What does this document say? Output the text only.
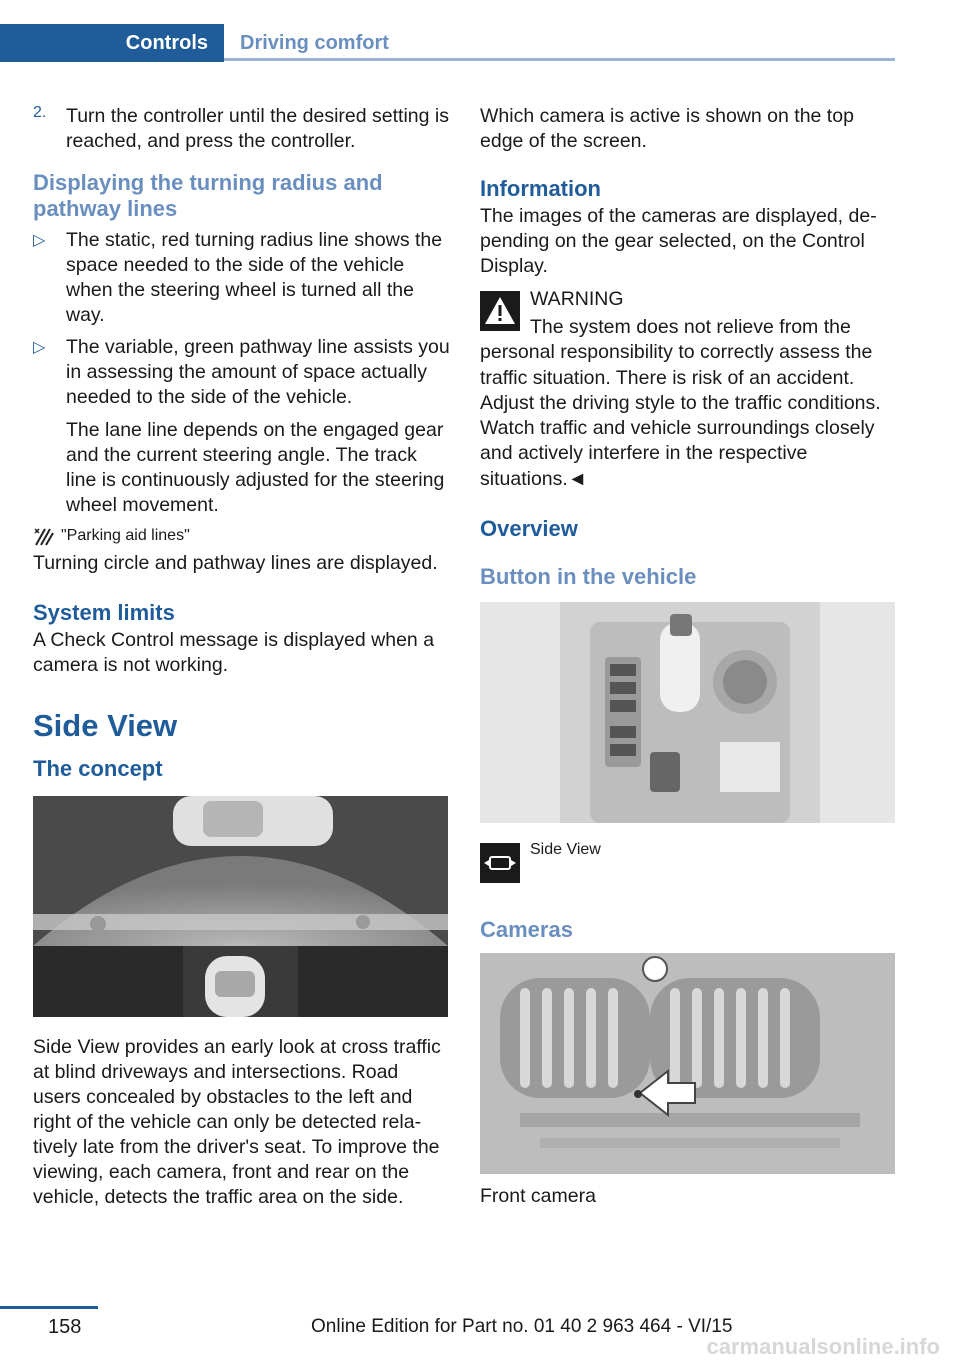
Controls	Driving comfort
2.	Turn the controller until the desired setting is reached, and press the controller.

Displaying the turning radius and pathway lines
▷	The static, red turning radius line shows the space needed to the side of the vehicle when the steering wheel is turned all the way.
▷	The variable, green pathway line assists you in assessing the amount of space actually needed to the side of the vehicle.

The lane line depends on the engaged gear and the current steering angle. The track line is continuously adjusted for the steering wheel movement.

"Parking aid lines"

Turning circle and pathway lines are displayed.

System limits

A Check Control message is displayed when a camera is not working.

Side View
The concept

Side View provides an early look at cross traffic at blind driveways and intersections. Road users concealed by obstacles to the left and right of the vehicle can only be detected relatively late from the driver's seat. To improve the viewing, each camera, front and rear on the vehicle, detects the traffic area on the side.

Which camera is active is shown on the top edge of the screen.

Information

The images of the cameras are displayed, depending on the gear selected, on the Control Display.

WARNING

The system does not relieve from the personal responsibility to correctly assess the traffic situation. There is risk of an accident. Adjust the driving style to the traffic conditions. Watch traffic and vehicle surroundings closely and actively interfere in the respective situations.◄

Overview
Button in the vehicle
Side View
Cameras

Front camera

158	Online Edition for Part no. 01 40 2 963 464 - VI/15
carmanualsonline.info
